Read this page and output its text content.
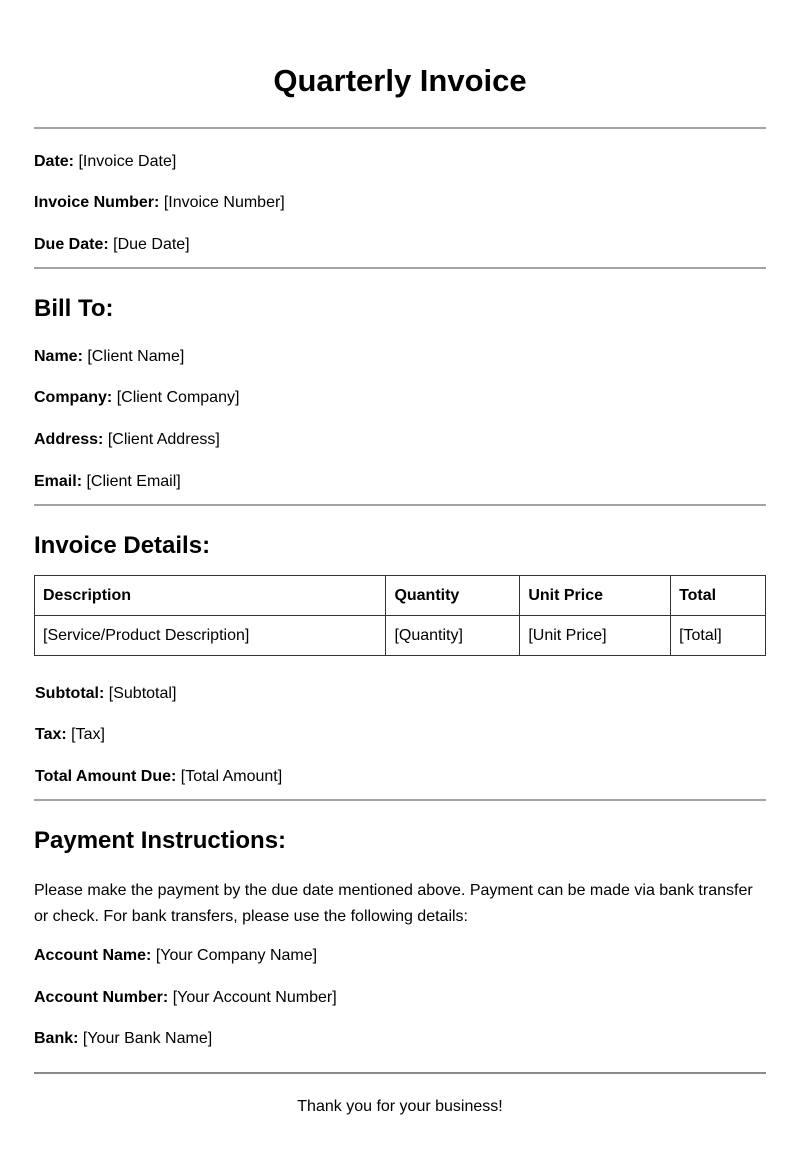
Quarterly Invoice
Date: [Invoice Date]
Invoice Number: [Invoice Number]
Due Date: [Due Date]
Bill To:
Name: [Client Name]
Company: [Client Company]
Address: [Client Address]
Email: [Client Email]
Invoice Details:
Description	Quantity	Unit Price	Total
[Service/Product Description]	[Quantity]	[Unit Price]	[Total]
Subtotal: [Subtotal]
Tax: [Tax]
Total Amount Due: [Total Amount]
Payment Instructions:
Please make the payment by the due date mentioned above. Payment can be made via bank transfer or check. For bank transfers, please use the following details:
Account Name: [Your Company Name]
Account Number: [Your Account Number]
Bank: [Your Bank Name]
Thank you for your business!
